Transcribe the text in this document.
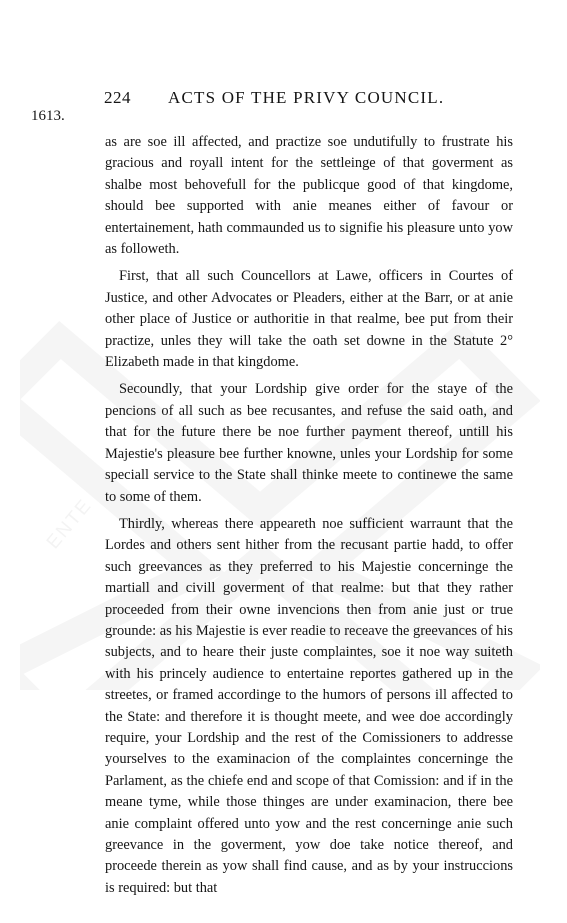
ENTE
224 ACTS OF THE PRIVY COUNCIL.
1613.

as are soe ill affected, and practize soe undutifully to frustrate his gracious and royall intent for the settleinge of that goverment as shalbe most behovefull for the publicque good of that kingdome, should bee supported with anie meanes either of favour or entertainement, hath commaunded us to signifie his pleasure unto yow as followeth.

First, that all such Councellors at Lawe, officers in Courtes of Justice, and other Advocates or Pleaders, either at the Barr, or at anie other place of Justice or authoritie in that realme, bee put from their practize, unles they will take the oath set downe in the Statute 2° Elizabeth made in that kingdome.

Secoundly, that your Lordship give order for the staye of the pencions of all such as bee recusantes, and refuse the said oath, and that for the future there be noe further payment thereof, untill his Majestie's pleasure bee further knowne, unles your Lordship for some speciall service to the State shall thinke meete to continewe the same to some of them.

Thirdly, whereas there appeareth noe sufficient warraunt that the Lordes and others sent hither from the recusant partie hadd, to offer such greevances as they preferred to his Majestie concerninge the martiall and civill goverment of that realme: but that they rather proceeded from their owne invencions then from anie just or true grounde: as his Majestie is ever readie to receave the greevances of his subjects, and to heare their juste complaintes, soe it noe way suiteth with his princely audience to entertaine reportes gathered up in the streetes, or framed accordinge to the humors of persons ill affected to the State: and therefore it is thought meete, and wee doe accordingly require, your Lordship and the rest of the Comissioners to addresse yourselves to the examinacion of the complaintes concerninge the Parlament, as the chiefe end and scope of that Comission: and if in the meane tyme, while those thinges are under examinacion, there bee anie complaint offered unto yow and the rest concerninge anie such greevance in the goverment, yow doe take notice thereof, and proceede therein as yow shall find cause, and as by your instruccions is required: but that
